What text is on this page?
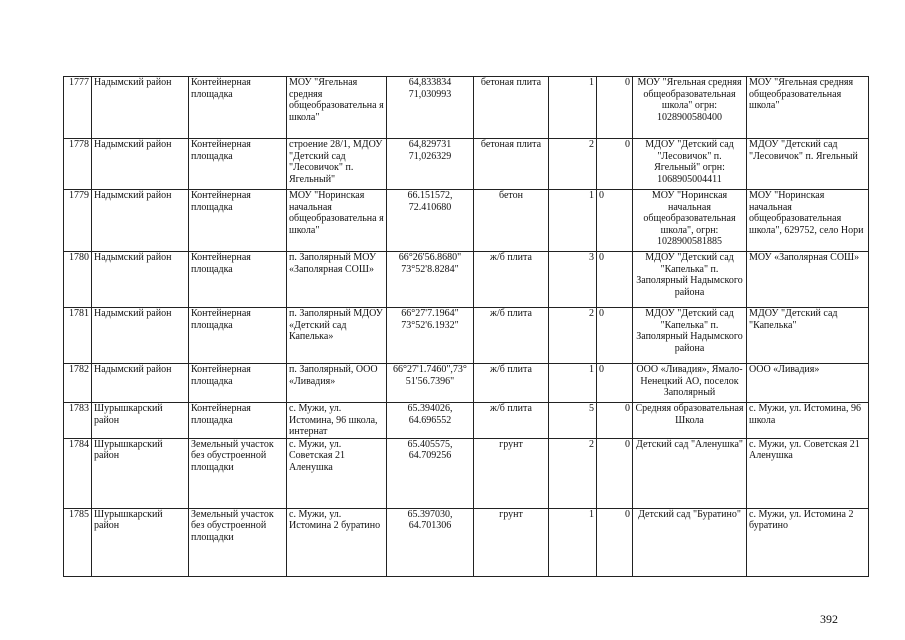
1777	Надымский район	Контейнерная площадка	МОУ "Ягельная средняя общеобразовательна я школа"	64,833834 71,030993	бетоная плита	1	0	МОУ "Ягельная средняя общеобразовательная школа" огрн: 1028900580400	МОУ "Ягельная средняя общеобразовательная школа"
1778	Надымский район	Контейнерная площадка	строение 28/1, МДОУ "Детский сад "Лесовичок" п. Ягельный"	64,829731 71,026329	бетоная плита	2	0	МДОУ "Детский сад "Лесовичок" п. Ягельный" огрн: 1068905004411	МДОУ "Детский сад "Лесовичок" п. Ягельный
1779	Надымский район	Контейнерная площадка	МОУ "Норинская начальная общеобразовательна я школа"	66.151572, 72.410680	бетон	1	0	МОУ "Норинская начальная общеобразовательная школа", огрн: 1028900581885	МОУ "Норинская начальная общеобразовательная школа", 629752, село Нори
1780	Надымский район	Контейнерная площадка	п. Заполярный МОУ «Заполярная СОШ»	66°26'56.8680" 73°52'8.8284"	ж/б плита	3	0	МДОУ "Детский сад "Капелька" п. Заполярный Надымского района	МОУ «Заполярная СОШ»
1781	Надымский район	Контейнерная площадка	п. Заполярный МДОУ «Детский сад Капелька»	66°27'7.1964" 73°52'6.1932"	ж/б плита	2	0	МДОУ "Детский сад "Капелька" п. Заполярный Надымского района	МДОУ "Детский сад "Капелька"
1782	Надымский район	Контейнерная площадка	п. Заполярный, ООО «Ливадия»	66°27'1.7460",73° 51'56.7396"	ж/б плита	1	0	ООО «Ливадия», Ямало-Ненецкий АО, поселок Заполярный	ООО «Ливадия»
1783	Шурышкарский район	Контейнерная площадка	с. Мужи, ул. Истомина, 96 школа, интернат	65.394026, 64.696552	ж/б плита	5	0	Средняя образовательная Школа	с. Мужи, ул. Истомина, 96 школа
1784	Шурышкарский район	Земельный участок без обустроенной площадки	с. Мужи, ул. Советская 21 Аленушка	65.405575, 64.709256	грунт	2	0	Детский сад "Аленушка"	с. Мужи, ул. Советская 21 Аленушка
1785	Шурышкарский район	Земельный участок без обустроенной площадки	с. Мужи, ул. Истомина 2 буратино	65.397030, 64.701306	грунт	1	0	Детский сад "Буратино"	с. Мужи, ул. Истомина 2 буратино
392
